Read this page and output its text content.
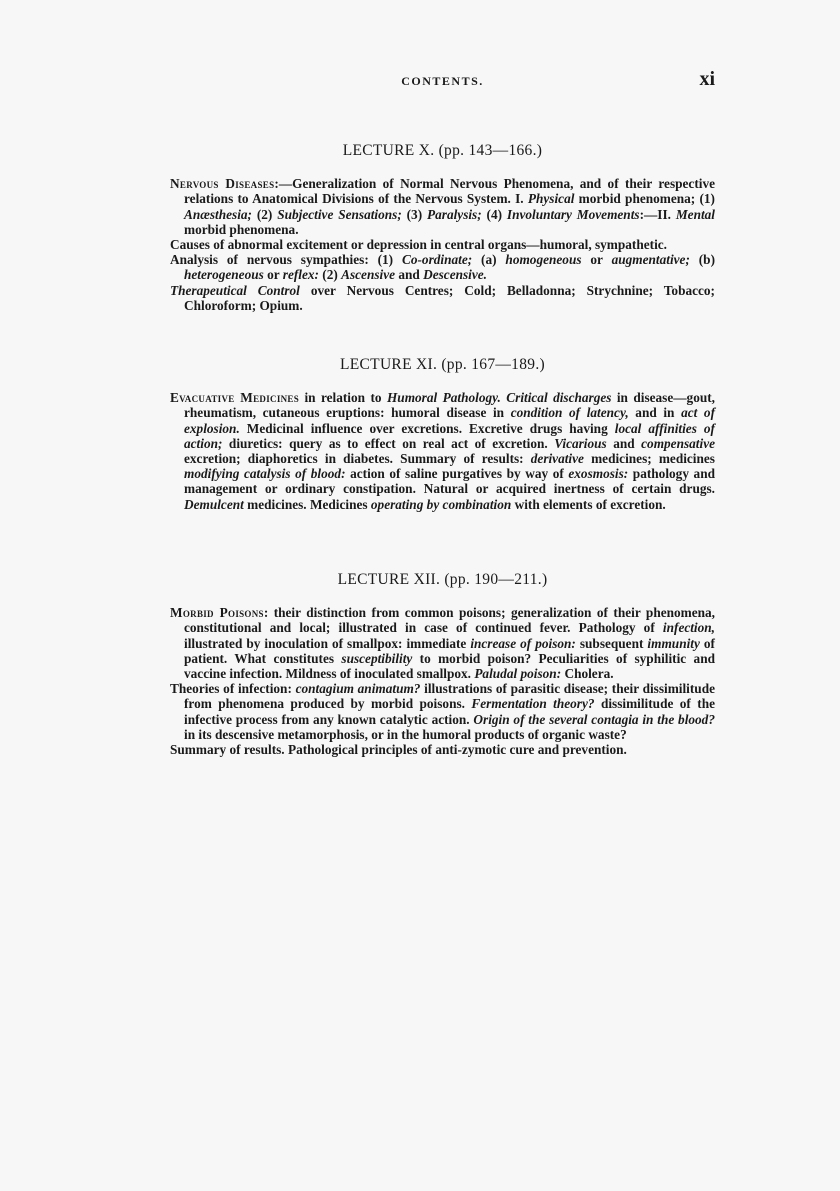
CONTENTS.	xi
LECTURE X. (pp. 143—166.)

Nervous Diseases:—Generalization of Normal Nervous Phenomena, and of their respective relations to Anatomical Divisions of the Nervous System. I. Physical morbid phenomena; (1) Anæsthesia; (2) Subjective Sensations; (3) Paralysis; (4) Involuntary Movements:—II. Mental morbid phenomena.

Causes of abnormal excitement or depression in central organs—humoral, sympathetic.

Analysis of nervous sympathies: (1) Co-ordinate; (a) homogeneous or augmentative; (b) heterogeneous or reflex: (2) Ascensive and Descensive.

Therapeutical Control over Nervous Centres; Cold; Belladonna; Strychnine; Tobacco; Chloroform; Opium.

LECTURE XI. (pp. 167—189.)

Evacuative Medicines in relation to Humoral Pathology. Critical discharges in disease—gout, rheumatism, cutaneous eruptions: humoral disease in condition of latency, and in act of explosion. Medicinal influence over excretions. Excretive drugs having local affinities of action; diuretics: query as to effect on real act of excretion. Vicarious and compensative excretion; diaphoretics in diabetes. Summary of results: derivative medicines; medicines modifying catalysis of blood: action of saline purgatives by way of exosmosis: pathology and management or ordinary constipation. Natural or acquired inertness of certain drugs. Demulcent medicines. Medicines operating by combination with elements of excretion.

LECTURE XII. (pp. 190—211.)

Morbid Poisons: their distinction from common poisons; generalization of their phenomena, constitutional and local; illustrated in case of continued fever. Pathology of infection, illustrated by inoculation of smallpox: immediate increase of poison: subsequent immunity of patient. What constitutes susceptibility to morbid poison? Peculiarities of syphilitic and vaccine infection. Mildness of inoculated smallpox. Paludal poison: Cholera.

Theories of infection: contagium animatum? illustrations of parasitic disease; their dissimilitude from phenomena produced by morbid poisons. Fermentation theory? dissimilitude of the infective process from any known catalytic action. Origin of the several contagia in the blood? in its descensive metamorphosis, or in the humoral products of organic waste?

Summary of results. Pathological principles of anti-zymotic cure and prevention.
